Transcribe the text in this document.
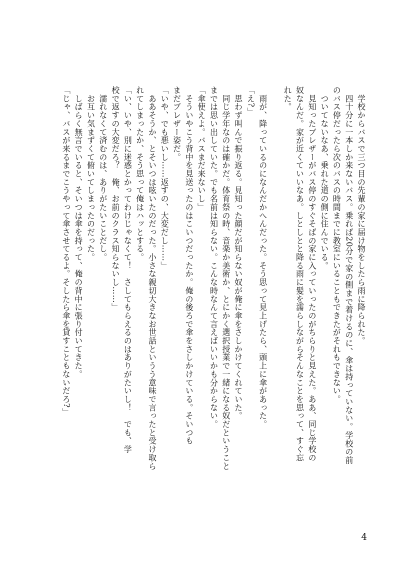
　学校からバスで三つ目の先輩の家に届け物をしたら雨に降られた。
　四十分に一本しか来ないバス。乗れば20分で家の側まで着けるのに、傘は持っていない。学校の前
のバス停だったら次のバスの時間までに教室にいることもできたがそれもできない。
　ついてないなあ、乗れた道の側に住んでいる。
　見知ったブレザーがバス停のすぐそばの家に入っていったのがちらりと見えた。ああ、同じ学校の
奴なんだ。家が近くていいなあ。しとしとと降る雨に髪を濡らしながらそんなことを思って、すぐ忘
れた。
　雨が、降っているのになんだかへんだった。そう思って見上げたら、頭上に傘があった。
「え?」
　思わず叫んで振り返る。見知った顔だが知らない奴が俺に傘をさしかけてくれていた。
　同じ学年なのは確かだ。体育祭の時、音楽か美術か、とにかく選択授業で一緒になる奴だということ
までは思い出していた。でも名前は知らない。こんな時なんて言えばいいかも分からない。
「傘使えよ。バスまだ来ないし」
　そういやこう背中を見送ったのはこいつだったか。俺の後ろで傘をさしかけている。そいつも
まだブレザー姿だ。
「いや、でも悪いし……返すの、大変だし……」
　ああそうか、とそいつは呟いたのだった。小さな親切大きなお世話というう意味で言ったと受け取ら
れてしまったか、そう思って俺はハッとする。
「い、いや、別に迷惑とかってわけじゃなくて！　さしてもらえるのはありがたいし！　でも、学
校で返すの大変だろ？　俺、お前のクラス知らないし……」
　濡れなくて済むのは、ありがたいことだし。
　お互い気まずくて俯いてしまったのだった。
　しばらく無言でいると、そいつは傘を持って、俺の背中に張り付いてきた。
「じゃ、バスが来るまでこうやって傘させてるよ。そしたら傘を貸すこともないだろ?」
4
